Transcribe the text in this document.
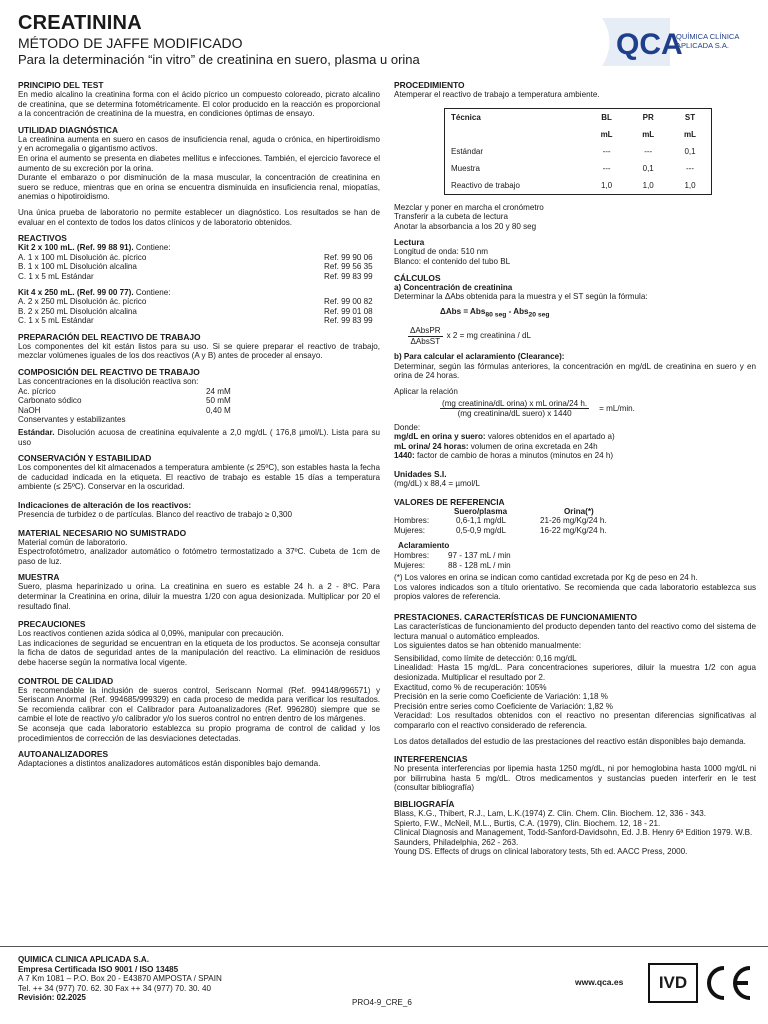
CREATININA
MÉTODO DE JAFFE MODIFICADO
Para la determinación “in vitro” de creatinina en suero, plasma u orina	QCA
QUÍMICA CLÍNICA
APLICADA S.A.
PRINCIPIO DEL TEST

En medio alcalino la creatinina forma con el ácido pícrico un compuesto coloreado, picrato alcalino de creatinina, que se determina fotométricamente. El color producido en la reacción es proporcional a la concentración de creatinina de la muestra, en condiciones óptimas de ensayo.

UTILIDAD DIAGNÓSTICA

La creatinina aumenta en suero en casos de insuficiencia renal, aguda o crónica, en hipertiroidismo y en acromegalia o gigantismo activos.

En orina el aumento se presenta en diabetes mellitus e infecciones. También, el ejercicio favorece el aumento de su excreción por la orina.

Durante el embarazo o por disminución de la masa muscular, la concentración de creatinina en suero se reduce, mientras que en orina se encuentra disminuida en insuficiencia renal, miopatías, anemias o hipotiroidismo.

Una única prueba de laboratorio no permite establecer un diagnóstico. Los resultados se han de evaluar en el contexto de todos los datos clínicos y de laboratorio obtenidos.

REACTIVOS

Kit 2 x 100 mL. (Ref. 99 88 91). Contiene:

A. 1 x 100 mL Disolución ác. pícrico	Ref. 99 90 06
B. 1 x 100 mL Disolución alcalina	Ref. 99 56 35
C. 1 x 5 mL Estándar	Ref. 99 83 99

Kit 4 x 250 mL. (Ref. 99 00 77). Contiene:

A. 2 x 250 mL Disolución ác. pícrico	Ref. 99 00 82
B. 2 x 250 mL Disolución alcalina	Ref. 99 01 08
C. 1 x 5 mL Estándar	Ref. 99 83 99
PREPARACIÓN DEL REACTIVO DE TRABAJO

Los componentes del kit están listos para su uso. Si se quiere preparar el reactivo de trabajo, mezclar volúmenes iguales de los dos reactivos (A y B) antes de proceder al ensayo.

COMPOSICIÓN DEL REACTIVO DE TRABAJO

Las concentraciones en la disolución reactiva son:

Ac. pícrico	24 mM
Carbonato sódico	50 mM
NaOH	0,40 M

Conservantes y estabilizantes

Estándar. Disolución acuosa de creatinina equivalente a 2,0 mg/dL ( 176,8 µmol/L). Lista para su uso

CONSERVACIÓN Y ESTABILIDAD

Los componentes del kit almacenados a temperatura ambiente (≤ 25ºC), son estables hasta la fecha de caducidad indicada en la etiqueta. El reactivo de trabajo es estable 15 días a temperatura ambiente (≤ 25ºC). Conservar en la oscuridad.

Indicaciones de alteración de los reactivos:

Presencia de turbidez o de partículas. Blanco del reactivo de trabajo ≥ 0,300

MATERIAL NECESARIO NO SUMISTRADO

Material común de laboratorio.

Espectrofotómetro, analizador automático o fotómetro termostatizado a 37ºC. Cubeta de 1cm de paso de luz.

MUESTRA

Suero, plasma heparinizado u orina. La creatinina en suero es estable 24 h. a 2 - 8ºC. Para determinar la Creatinina en orina, diluir la muestra 1/20 con agua desionizada. Multiplicar por 20 el resultado final.

PRECAUCIONES

Los reactivos contienen azida sódica al 0,09%, manipular con precaución.

Las indicaciones de seguridad se encuentran en la etiqueta de los productos. Se aconseja consultar la ficha de datos de seguridad antes de la manipulación del reactivo. La eliminación de residuos debe hacerse según la normativa local vigente.

CONTROL DE CALIDAD

Es recomendable la inclusión de sueros control, Seriscann Normal (Ref. 994148/996571) y Seriscann Anormal (Ref. 994685/999329) en cada proceso de medida para verificar los resultados. Se recomienda calibrar con el Calibrador para Autoanalizadores (Ref. 996280) siempre que se cambie el lote de reactivo y/o calibrador y/o los sueros control no entren dentro de los márgenes.

Se aconseja que cada laboratorio establezca su propio programa de control de calidad y los procedimientos de corrección de las desviaciones detectadas.

AUTOANALIZADORES

Adaptaciones a distintos analizadores automáticos están disponibles bajo demanda.

PROCEDIMIENTO

Atemperar el reactivo de trabajo a temperatura ambiente.

Técnica	BL	PR	ST
	mL	mL	mL
Estándar	---	---	0,1
Muestra	---	0,1	---
Reactivo de trabajo	1,0	1,0	1,0

Mezclar y poner en marcha el cronómetro

Transferir a la cubeta de lectura

Anotar la absorbancia a los 20 y 80 seg

Lectura

Longitud de onda: 510 nm

Blanco: el contenido del tubo BL

CÁLCULOS

a) Concentración de creatinina

Determinar la ΔAbs obtenida para la muestra y el ST según la fórmula:

ΔAbs = Abs$_{80 seg}$ - Abs$_{20 seg}$

$\frac{\text{ΔAbsPR}}{\text{ΔAbsST}}$ x 2 = mg creatinina / dL

b) Para calcular el aclaramiento (Clearance):

Determinar, según las fórmulas anteriores, la concentración en mg/dL de creatinina en suero y en orina de 24 horas.

Aplicar la relación

$\frac{\text{(mg creatinina/dL orina) x mL orina/24 h.}}{\text{(mg creatinina/dL suero) x 1440}} = mL/\min$.

Donde:

mg/dL en orina y suero: valores obtenidos en el apartado a)

mL orina/ 24 horas: volumen de orina excretada en 24h

1440: factor de cambio de horas a minutos (minutos en 24 h)

Unidades S.I.

(mg/dL) x 88,4 = µmol/L

VALORES DE REFERENCIA
Suero/plasma	Orina(*)
Hombres:	0,6-1,1 mg/dL	21-26 mg/Kg/24 h.
Mujeres:	0,5-0,9 mg/dL	16-22 mg/Kg/24 h.

Aclaramiento

Hombres:	97 - 137 mL / min
Mujeres:	88 - 128 mL / min

(*) Los valores en orina se indican como cantidad excretada por Kg de peso en 24 h.

Los valores indicados son a título orientativo. Se recomienda que cada laboratorio establezca sus propios valores de referencia.

PRESTACIONES. CARACTERÍSTICAS DE FUNCIONAMIENTO

Las características de funcionamiento del producto dependen tanto del reactivo como del sistema de lectura manual o automático empleados.

Los siguientes datos se han obtenido manualmente:

Sensibilidad, como límite de detección: 0,16 mg/dL

Linealidad: Hasta 15 mg/dL. Para concentraciones superiores, diluir la muestra 1/2 con agua desionizada. Multiplicar el resultado por 2.

Exactitud, como % de recuperación: 105%

Precisión en la serie como Coeficiente de Variación: 1,18 %

Precisión entre series como Coeficiente de Variación: 1,82 %

Veracidad: Los resultados obtenidos con el reactivo no presentan diferencias significativas al compararlo con el reactivo considerado de referencia.

Los datos detallados del estudio de las prestaciones del reactivo están disponibles bajo demanda.

INTERFERENCIAS

No presenta interferencias por lipemia hasta 1250 mg/dL, ni por hemoglobina hasta 1000 mg/dL ni por bilirrubina hasta 5 mg/dL. Otros medicamentos y sustancias pueden interferir en le test (consultar bibliografía)

BIBLIOGRAFÍA

Blass, K.G., Thibert, R.J., Lam, L.K.(1974) Z. Clin. Chem. Clin. Biochem. 12, 336 - 343.

Spierto, F.W., McNeil, M.L., Burtis, C.A. (1979), Clin. Biochem. 12, 18 - 21.

Clinical Diagnosis and Management, Todd-Sanford-Davidsohn, Ed. J.B. Henry 6ª Edition 1979. W.B. Saunders, Philadelphia, 262 - 263.

Young DS. Effects of drugs on clinical laboratory tests, 5th ed. AACC Press, 2000.

QUIMICA CLINICA APLICADA S.A.
Empresa Certificada ISO 9001 / ISO 13485
A 7 Km 1081 – P.O. Box 20 - E43870 AMPOSTA / SPAIN
Tel. ++ 34 (977) 70. 62. 30 Fax ++ 34 (977) 70. 30. 40
Revisión: 02.2025
www.qca.es
PRO4-9_CRE_6
IVD
